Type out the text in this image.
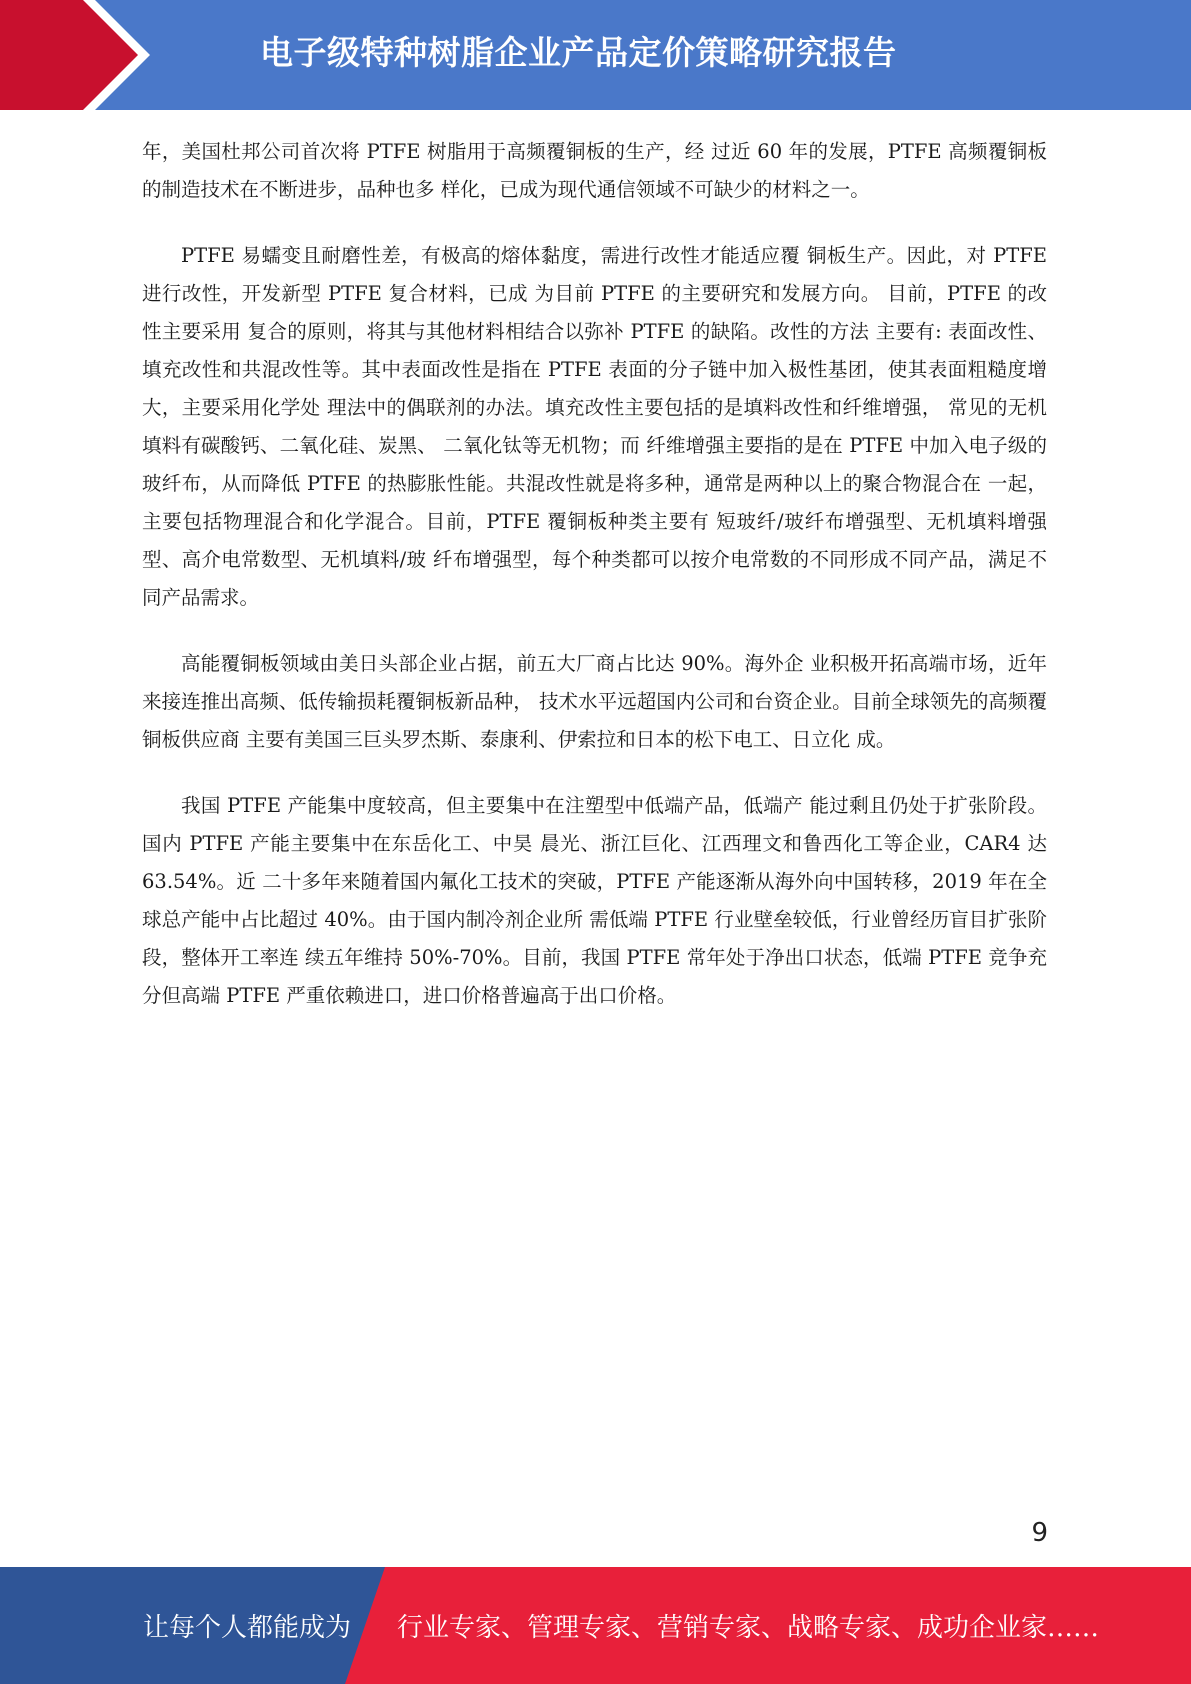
电子级特种树脂企业产品定价策略研究报告

年，美国杜邦公司首次将 PTFE 树脂用于高频覆铜板的生产，经 过近 60 年的发展，PTFE 高频覆铜板的制造技术在不断进步，品种也多 样化，已成为现代通信领域不可缺少的材料之一。

PTFE 易蠕变且耐磨性差，有极高的熔体黏度，需进行改性才能适应覆 铜板生产。因此，对 PTFE 进行改性，开发新型 PTFE 复合材料，已成 为目前 PTFE 的主要研究和发展方向。 目前，PTFE 的改性主要采用 复合的原则，将其与其他材料相结合以弥补 PTFE 的缺陷。改性的方法 主要有: 表面改性、填充改性和共混改性等。其中表面改性是指在 PTFE 表面的分子链中加入极性基团，使其表面粗糙度增大，主要采用化学处 理法中的偶联剂的办法。填充改性主要包括的是填料改性和纤维增强， 常见的无机填料有碳酸钙、二氧化硅、炭黑、 二氧化钛等无机物；而 纤维增强主要指的是在 PTFE 中加入电子级的玻纤布，从而降低 PTFE 的热膨胀性能。共混改性就是将多种，通常是两种以上的聚合物混合在 一起，主要包括物理混合和化学混合。目前，PTFE 覆铜板种类主要有 短玻纤/玻纤布增强型、无机填料增强型、高介电常数型、无机填料/玻 纤布增强型，每个种类都可以按介电常数的不同形成不同产品，满足不 同产品需求。

高能覆铜板领域由美日头部企业占据，前五大厂商占比达 90%。海外企 业积极开拓高端市场，近年来接连推出高频、低传输损耗覆铜板新品种， 技术水平远超国内公司和台资企业。目前全球领先的高频覆铜板供应商 主要有美国三巨头罗杰斯、泰康利、伊索拉和日本的松下电工、日立化 成。

我国 PTFE 产能集中度较高，但主要集中在注塑型中低端产品，低端产 能过剩且仍处于扩张阶段。国内 PTFE 产能主要集中在东岳化工、中昊 晨光、浙江巨化、江西理文和鲁西化工等企业，CAR4 达 63.54%。近 二十多年来随着国内氟化工技术的突破，PTFE 产能逐渐从海外向中国转移，2019 年在全球总产能中占比超过 40%。由于国内制冷剂企业所 需低端 PTFE 行业壁垒较低，行业曾经历盲目扩张阶段，整体开工率连 续五年维持 50%-70%。目前，我国 PTFE 常年处于净出口状态，低端 PTFE 竞争充分但高端 PTFE 严重依赖进口，进口价格普遍高于出口价格。

9
让每个人都能成为 行业专家、管理专家、营销专家、战略专家、成功企业家……
